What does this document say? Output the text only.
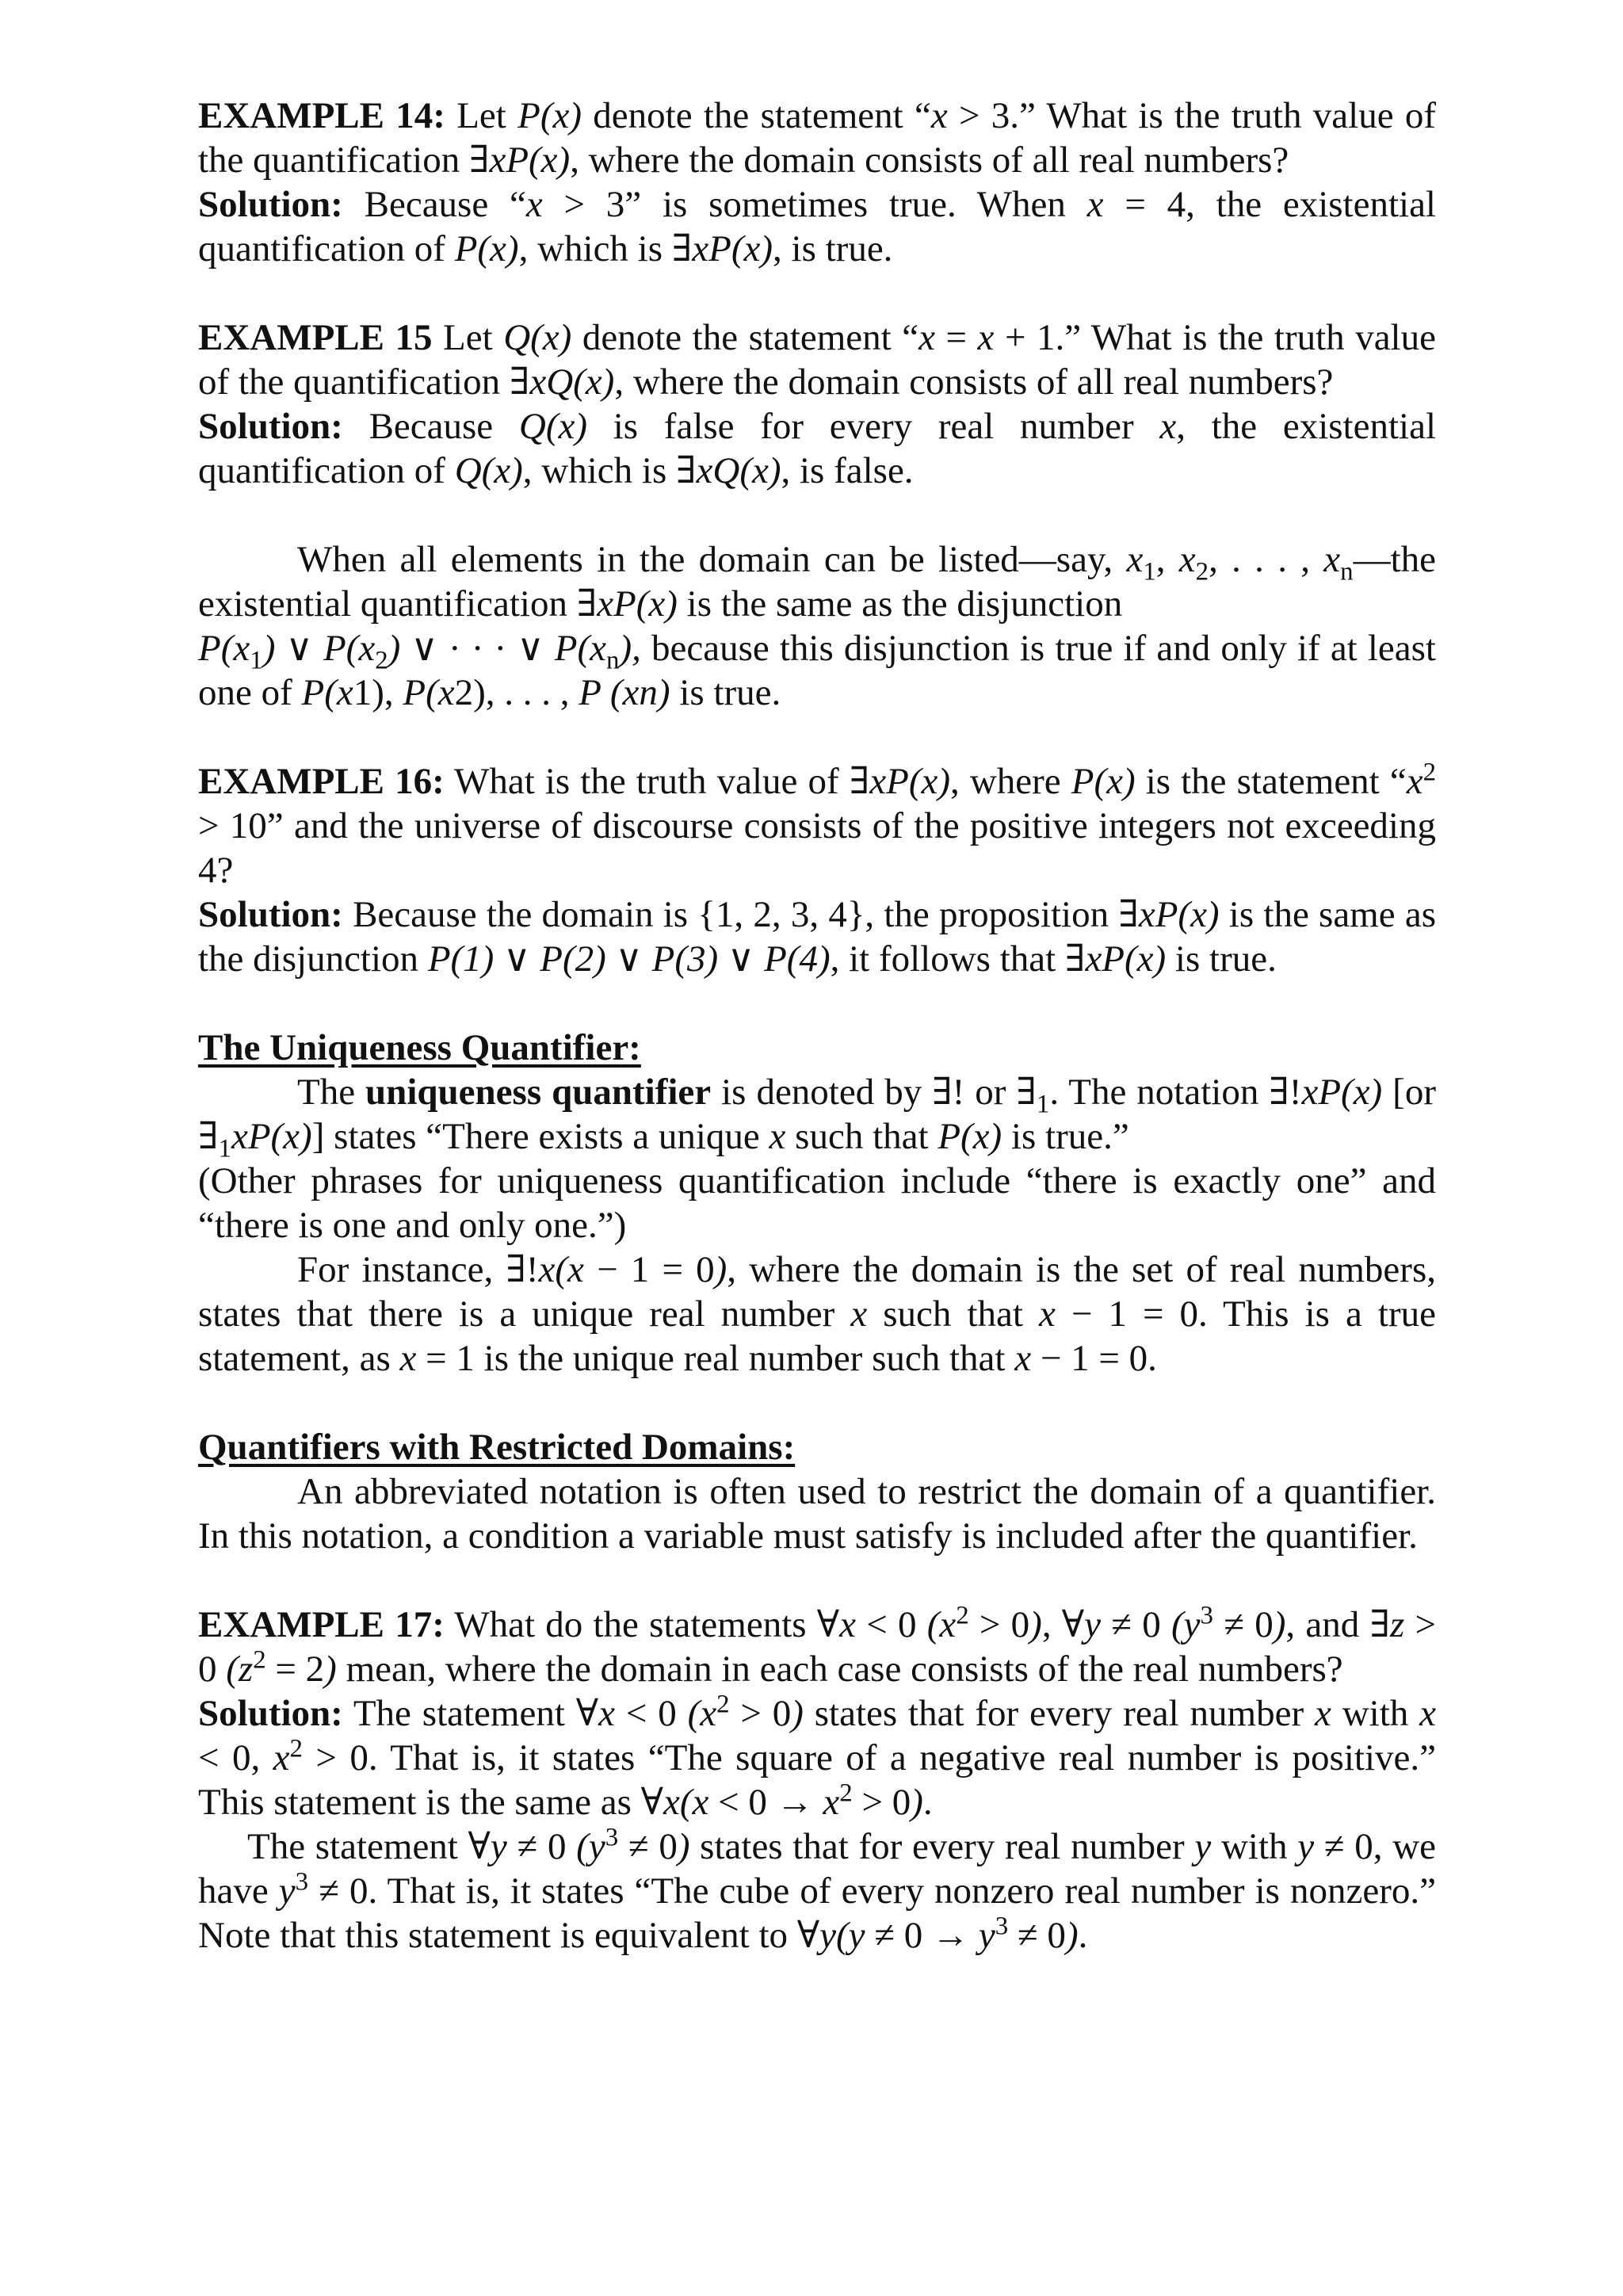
EXAMPLE 14: Let P(x) denote the statement “x > 3.” What is the truth value of the quantification ∃xP(x), where the domain consists of all real numbers?

Solution: Because “x > 3” is sometimes true. When x = 4, the existential quantification of P(x), which is ∃xP(x), is true.

EXAMPLE 15 Let Q(x) denote the statement “x = x + 1.” What is the truth value of the quantification ∃xQ(x), where the domain consists of all real numbers?

Solution: Because Q(x) is false for every real number x, the existential quantification of Q(x), which is ∃xQ(x), is false.

When all elements in the domain can be listed—say, $x_1$, $x_2$, . . . , $x_n—the$ existential quantification ∃xP(x) is the same as the disjunction

$P(x_1)$ ∨ $P(x_2)$ ∨ · · · ∨ $P(x_n)$, because this disjunction is true if and only if at least one of P(x1), P(x2), . . . , P (xn) is true.

EXAMPLE 16: What is the truth value of ∃xP(x), where P(x) is the statement “$x^2 > 10$” and the universe of discourse consists of the positive integers not exceeding 4?

Solution: Because the domain is {1, 2, 3, 4}, the proposition ∃xP(x) is the same as the disjunction P(1) ∨ P(2) ∨ P(3) ∨ P(4), it follows that ∃xP(x) is true.

The Uniqueness Quantifier:

The uniqueness quantifier is denoted by ∃! or $\exists_1$. The notation ∃!xP(x) [or $\exists_1xP(x)$] states “There exists a unique x such that P(x) is true.”

(Other phrases for uniqueness quantification include “there is exactly one” and “there is one and only one.”)

For instance, ∃!x(x − 1 = 0), where the domain is the set of real numbers, states that there is a unique real number x such that x − 1 = 0. This is a true statement, as x = 1 is the unique real number such that x − 1 = 0.

Quantifiers with Restricted Domains:

An abbreviated notation is often used to restrict the domain of a quantifier. In this notation, a condition a variable must satisfy is included after the quantifier.

EXAMPLE 17: What do the statements ∀x < 0 $(x^2 > 0)$, ∀y ≠ 0 $(y^3 \ne 0)$, and ∃z > 0 $(z^2 = 2)$ mean, where the domain in each case consists of the real numbers?

Solution: The statement ∀x < 0 $(x^2 > 0)$ states that for every real number x with x < 0, $x^2 > 0$. That is, it states “The square of a negative real number is positive.” This statement is the same as ∀x(x < $0 \to x^2 > 0$).

The statement ∀y ≠ 0 $(y^3 \ne 0)$ states that for every real number y with y ≠ 0, we have $y^3 \ne 0$. That is, it states “The cube of every nonzero real number is nonzero.” Note that this statement is equivalent to ∀y(y ≠ $0 \to y^3 \ne 0$).
